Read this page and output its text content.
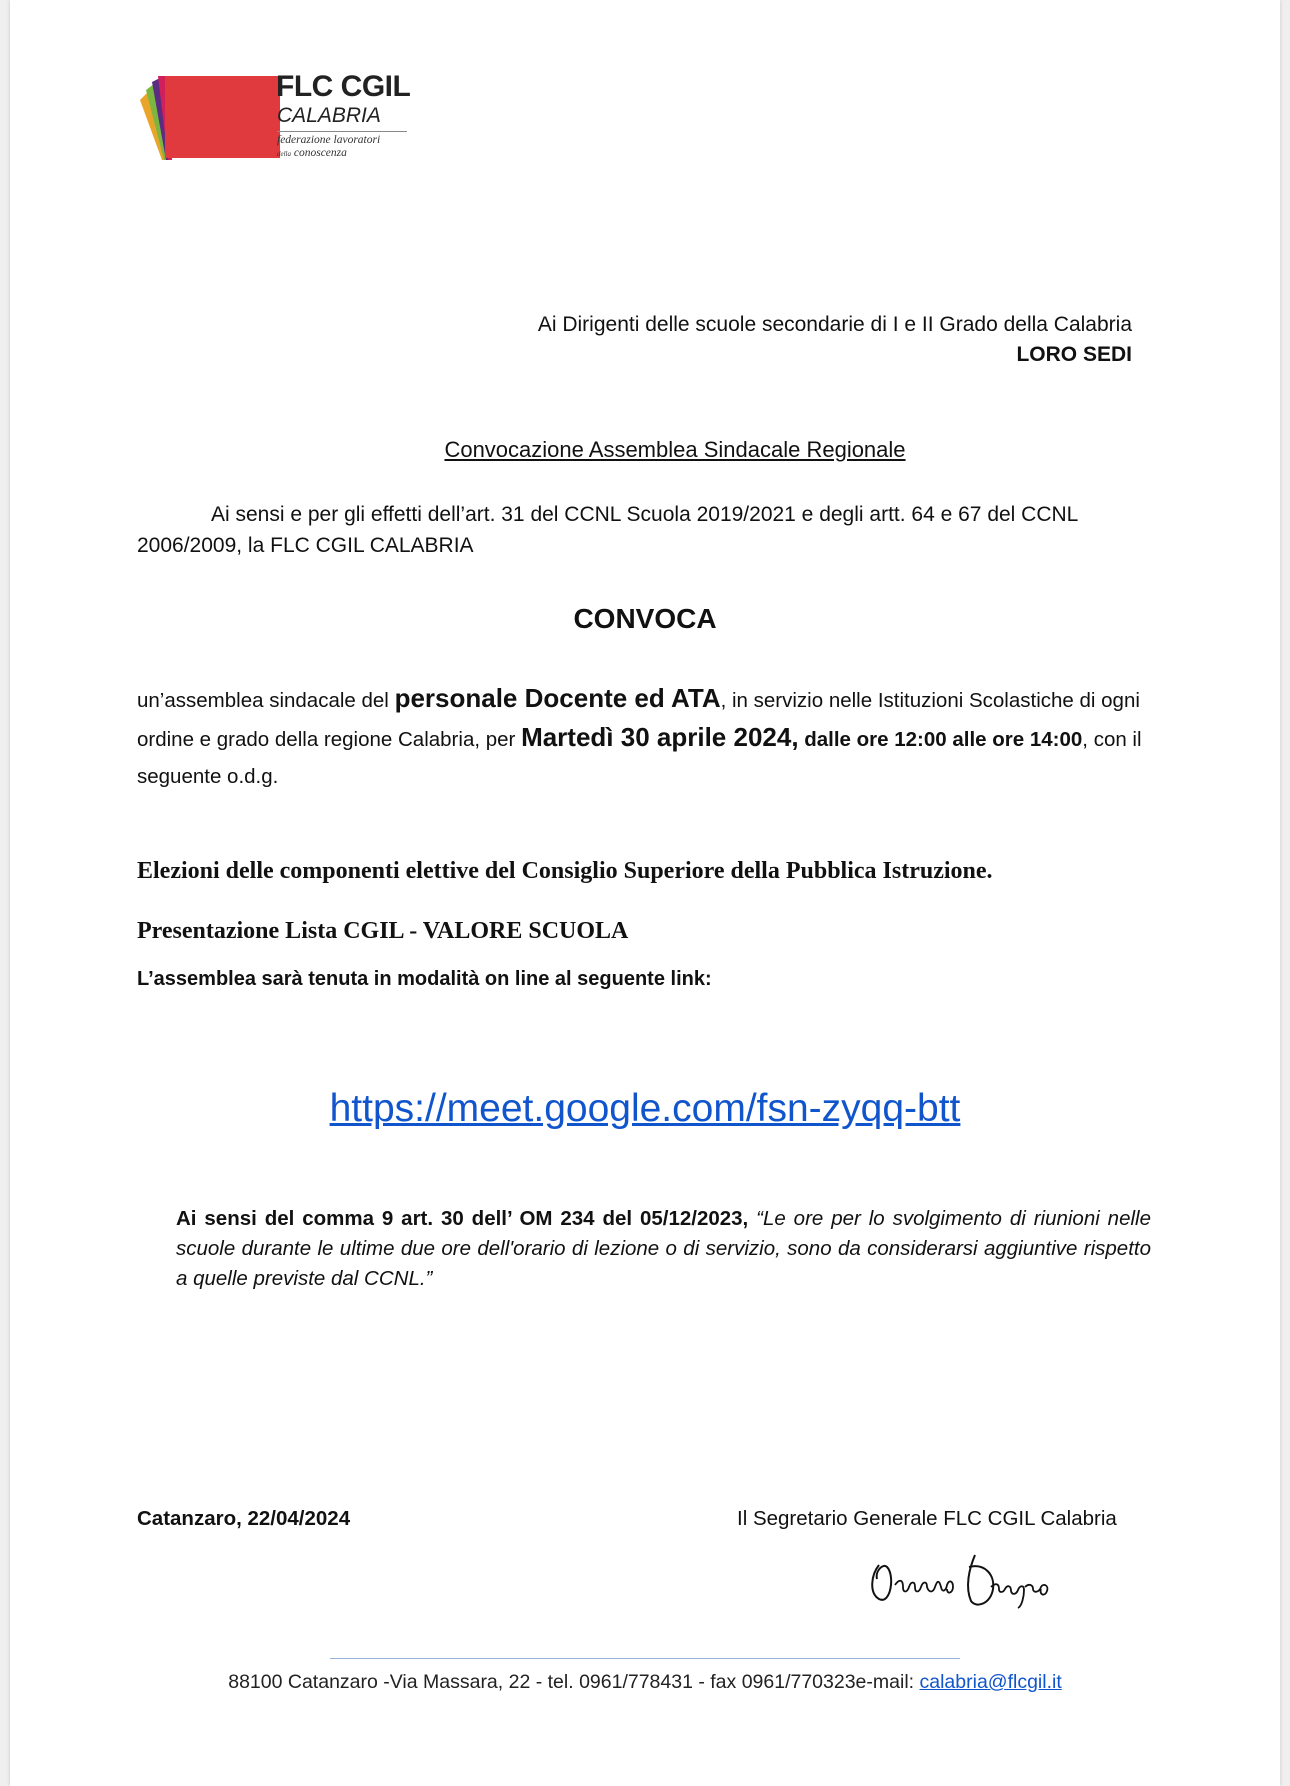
FLC CGIL
CALABRIA
federazione lavoratori
della conoscenza
Ai Dirigenti delle scuole secondarie di I e II Grado della Calabria
LORO SEDI
Convocazione Assemblea Sindacale Regionale
Ai sensi e per gli effetti dell’art. 31 del CCNL Scuola 2019/2021 e degli artt. 64 e 67 del CCNL 2006/2009, la FLC CGIL CALABRIA
CONVOCA
un’assemblea sindacale del personale Docente ed ATA, in servizio nelle Istituzioni Scolastiche di ogni ordine e grado della regione Calabria, per Martedì 30 aprile 2024, dalle ore 12:00 alle ore 14:00, con il seguente o.d.g.
Elezioni delle componenti elettive del Consiglio Superiore della Pubblica Istruzione.
Presentazione Lista CGIL - VALORE SCUOLA
L’assemblea sarà tenuta in modalità on line al seguente link:
https://meet.google.com/fsn-zyqq-btt
Ai sensi del comma 9 art. 30 dell’ OM 234 del 05/12/2023, “Le ore per lo svolgimento di riunioni nelle scuole durante le ultime due ore dell'orario di lezione o di servizio, sono da considerarsi aggiuntive rispetto a quelle previste dal CCNL.”
Catanzaro, 22/04/2024	Il Segretario Generale FLC CGIL Calabria
88100 Catanzaro -Via Massara, 22 - tel. 0961/778431 - fax 0961/770323e-mail: calabria@flcgil.it
